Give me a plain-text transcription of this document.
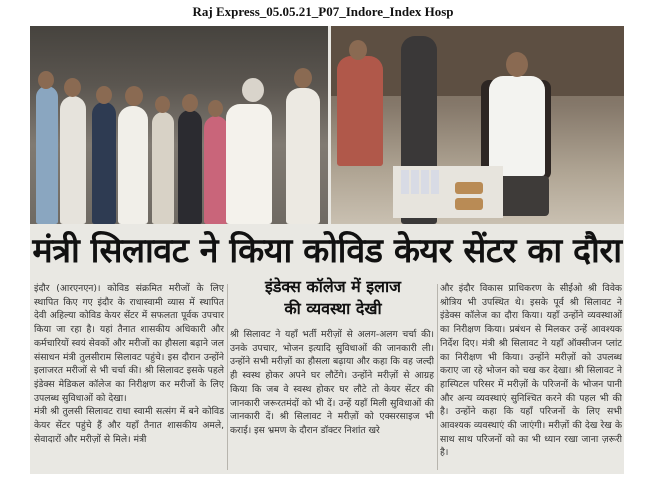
Raj Express_05.05.21_P07_Indore_Index Hosp
मंत्री सिलावट ने किया कोविड केयर सेंटर का दौरा
इंडेक्स कॉलेज में इलाज
की व्यवस्था देखी

इंदौर (आरएनएन)। कोविड संक्रमित मरीजों के लिए स्थापित किए गए इंदौर के राधास्वामी व्यास में स्थापित देवी अहिल्या कोविड केयर सेंटर में सफलता पूर्वक उपचार किया जा रहा है। यहां तैनात शासकीय अधिकारी और कर्मचारियों स्वयं सेवकों और मरीजों का हौसला बढ़ाने जल संसाधन मंत्री तुलसीराम सिलावट पहुंचे। इस दौरान उन्होंने इलाजरत मरीजों से भी चर्चा की। श्री सिलावट इसके पहले इंडेक्स मेडिकल कॉलेज का निरीक्षण कर मरीजों के लिए उपलब्ध सुविधाओं को देखा।

मंत्री श्री तुलसी सिलावट राधा स्वामी सत्संग में बने कोविड केयर सेंटर पहुंचे हैं और यहाँ तैनात शासकीय अमले, सेवादारों और मरीज़ों से मिले। मंत्री

श्री सिलावट ने यहाँ भर्ती मरीज़ों से अलग-अलग चर्चा की। उनके उपचार, भोजन इत्यादि सुविधाओं की जानकारी ली। उन्होंने सभी मरीज़ों का हौसला बढ़ाया और कहा कि वह जल्दी ही स्वस्थ होकर अपने घर लौटेंगे। उन्होंने मरीज़ों से आग्रह किया कि जब वे स्वस्थ होकर घर लौटे तो केयर सेंटर की जानकारी जरूरतमंदों को भी दें। उन्हें यहाँ मिली सुविधाओं की जानकारी दें। श्री सिलावट ने मरीज़ों को एक्सरसाइज भी कराई। इस भ्रमण के दौरान डॉक्टर निशांत खरे

और इंदौर विकास प्राधिकरण के सीईओ श्री विवेक श्रोत्रिय भी उपस्थित थे। इसके पूर्व श्री सिलावट ने इंडेक्स कॉलेज का दौरा किया। यहाँ उन्होंने व्यवस्थाओं का निरीक्षण किया। प्रबंधन से मिलकर उन्हें आवश्यक निर्देश दिए। मंत्री श्री सिलावट ने यहाँ ऑक्सीजन प्लांट का निरीक्षण भी किया। उन्होंने मरीज़ों को उपलब्ध कराए जा रहे भोजन को चख कर देखा। श्री सिलावट ने हास्पिटल परिसर में मरीज़ों के परिजनों के भोजन पानी और अन्य व्यवस्थाएं सुनिश्चित करने की पहल भी की है। उन्होंने कहा कि यहाँ परिजनों के लिए सभी आवश्यक व्यवस्थाएं की जाएंगी। मरीज़ों की देख रेख के साथ साथ परिजनों को का भी ध्यान रखा जाना ज़रूरी है।
